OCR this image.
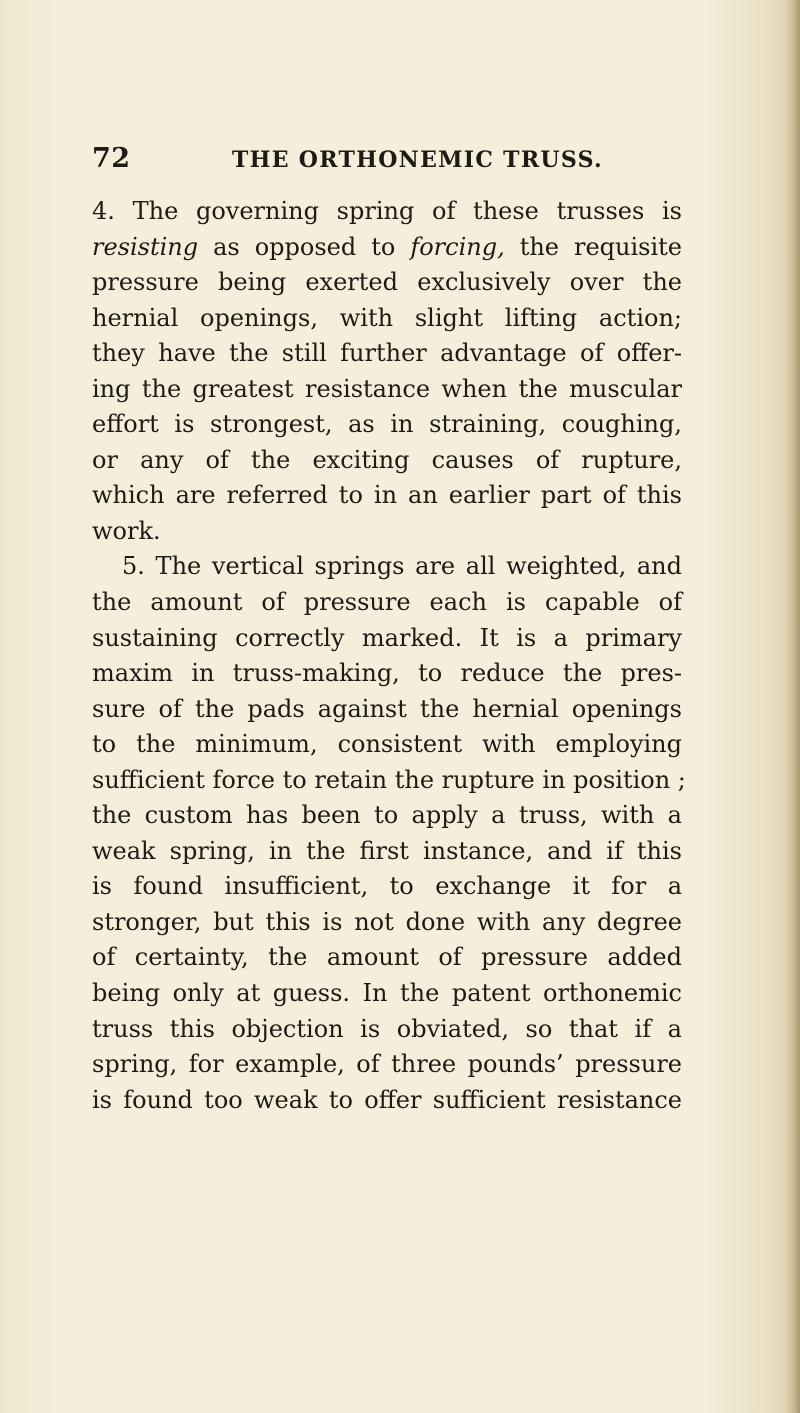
72	THE ORTHONEMIC TRUSS.
4. The governing spring of these trusses is
resisting as opposed to forcing, the requisite
pressure being exerted exclusively over the
hernial openings, with slight lifting action;
they have the still further advantage of offer-
ing the greatest resistance when the muscular
effort is strongest, as in straining, coughing,
or any of the exciting causes of rupture,
which are referred to in an earlier part of this
work.
5. The vertical springs are all weighted, and
the amount of pressure each is capable of
sustaining correctly marked. It is a primary
maxim in truss-making, to reduce the pres-
sure of the pads against the hernial openings
to the minimum, consistent with employing
sufficient force to retain the rupture in position ;
the custom has been to apply a truss, with a
weak spring, in the first instance, and if this
is found insufficient, to exchange it for a
stronger, but this is not done with any degree
of certainty, the amount of pressure added
being only at guess. In the patent orthonemic
truss this objection is obviated, so that if a
spring, for example, of three pounds’ pressure
is found too weak to offer sufficient resistance
